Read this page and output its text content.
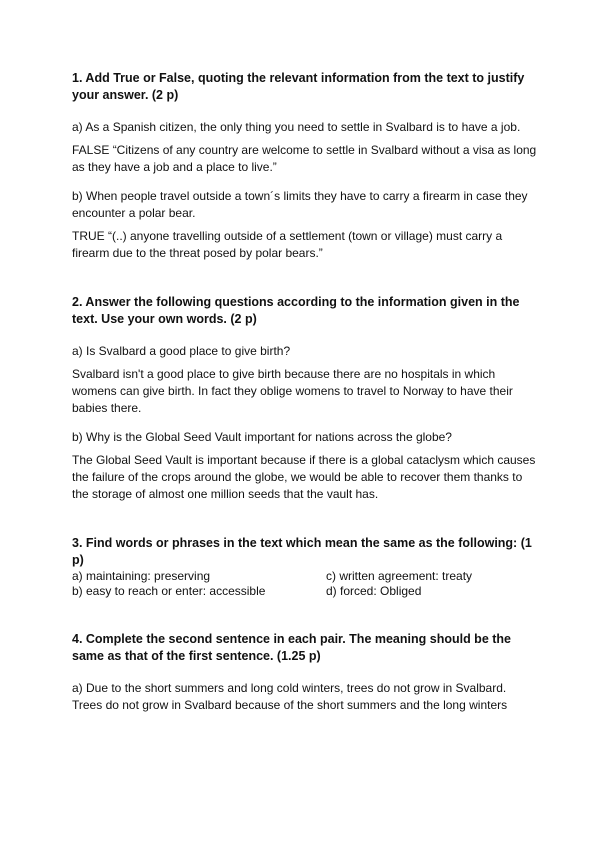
1. Add True or False, quoting the relevant information from the text to justify your answer. (2 p)

a) As a Spanish citizen, the only thing you need to settle in Svalbard is to have a job.

FALSE “Citizens of any country are welcome to settle in Svalbard without a visa as long as they have a job and a place to live.”

b) When people travel outside a town´s limits they have to carry a firearm in case they encounter a polar bear.

TRUE “(..) anyone travelling outside of a settlement (town or village) must carry a firearm due to the threat posed by polar bears.”

2. Answer the following questions according to the information given in the text. Use your own words. (2 p)

a) Is Svalbard a good place to give birth?

Svalbard isn't a good place to give birth because there are no hospitals in which womens can give birth. In fact they oblige womens to travel to Norway to have their babies there.

b) Why is the Global Seed Vault important for nations across the globe?

The Global Seed Vault is important because if there is a global cataclysm which causes the failure of the crops around the globe, we would be able to recover them thanks to the storage of almost one million seeds that the vault has.

3. Find words or phrases in the text which mean the same as the following: (1 p)

a) maintaining: preserving	c) written agreement: treaty
b) easy to reach or enter: accessible	d) forced: Obliged

4. Complete the second sentence in each pair. The meaning should be the same as that of the first sentence. (1.25 p)

a) Due to the short summers and long cold winters, trees do not grow in Svalbard.

Trees do not grow in Svalbard because of the short summers and the long winters
